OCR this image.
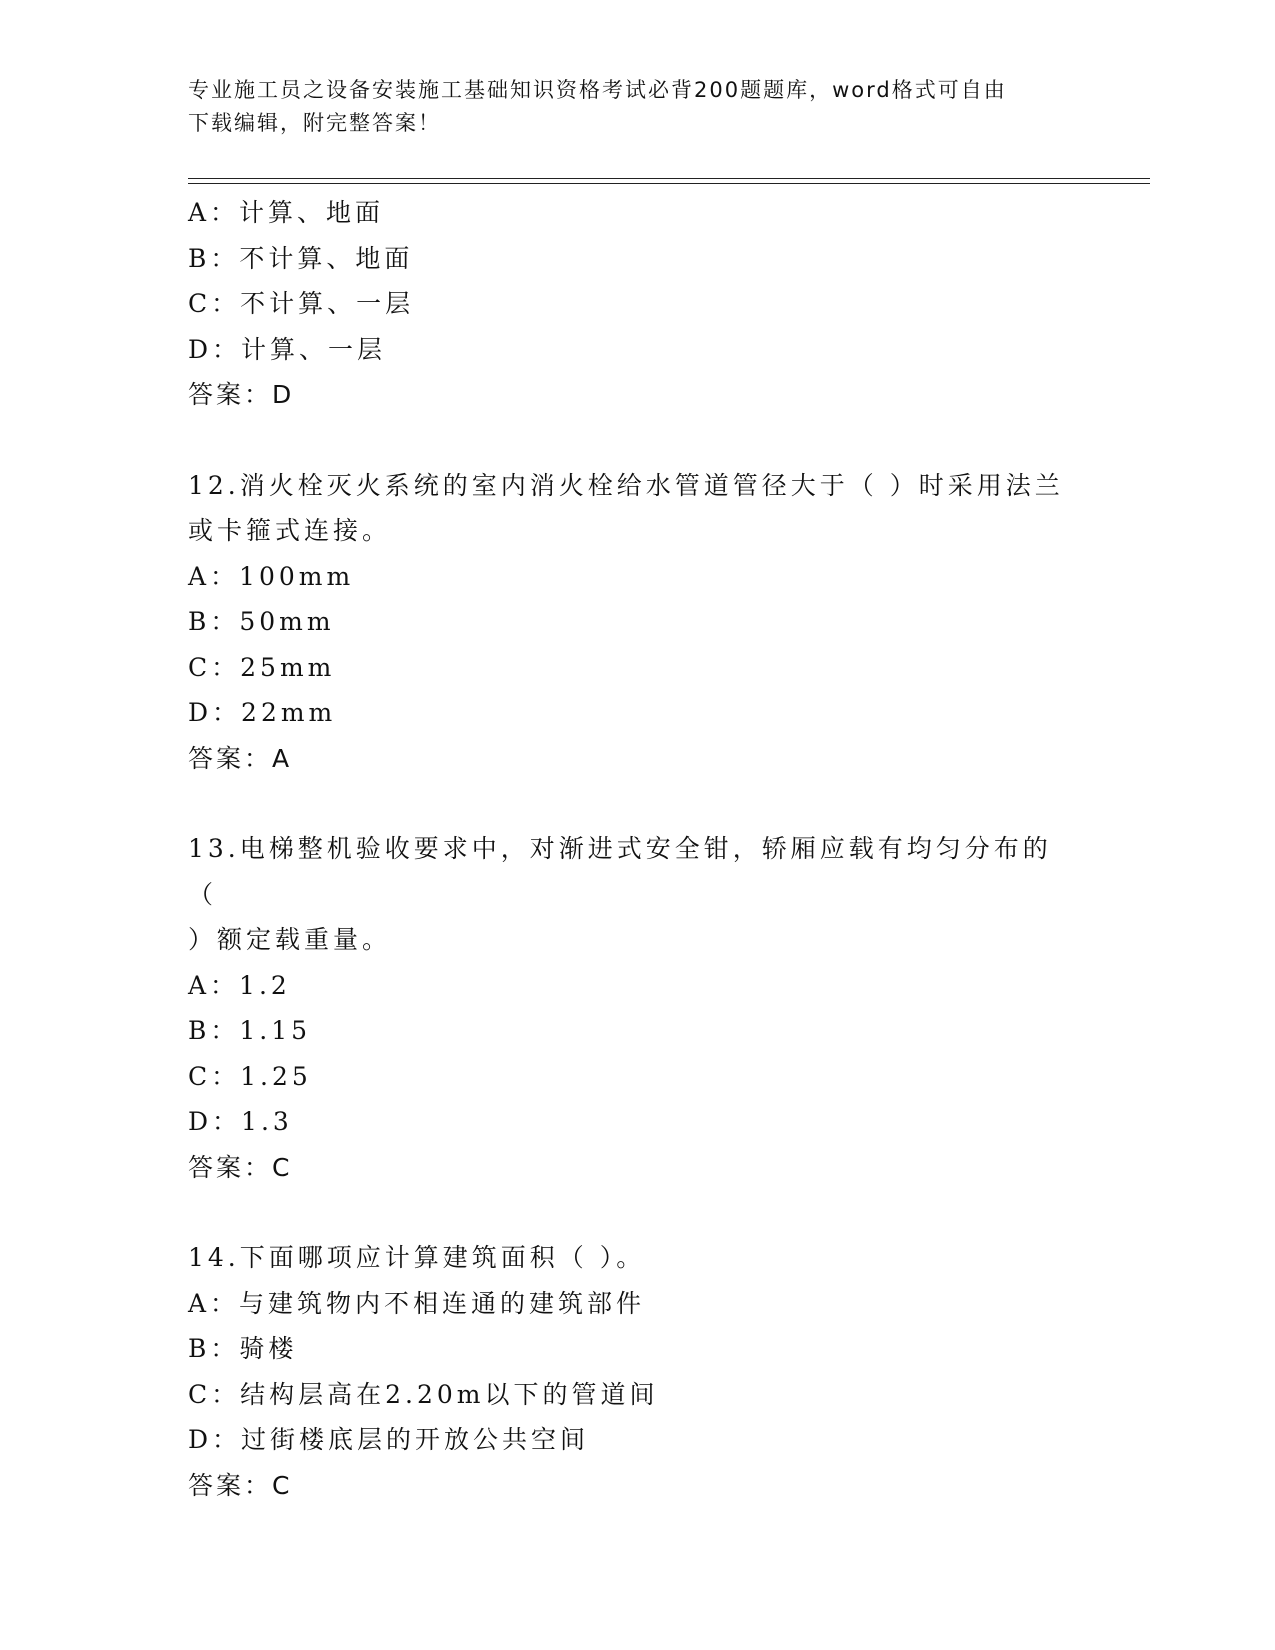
专业施工员之设备安装施工基础知识资格考试必背200题题库，word格式可自由
下载编辑，附完整答案！
A：计算、地面
B：不计算、地面
C：不计算、一层
D：计算、一层
答案：D
12.消火栓灭火系统的室内消火栓给水管道管径大于（ ）时采用法兰
或卡箍式连接。
A：100mm
B：50mm
C：25mm
D：22mm
答案：A
13.电梯整机验收要求中，对渐进式安全钳，轿厢应载有均匀分布的（
）额定载重量。
A：1.2
B：1.15
C：1.25
D：1.3
答案：C
14.下面哪项应计算建筑面积（ ）。
A：与建筑物内不相连通的建筑部件
B：骑楼
C：结构层高在2.20m以下的管道间
D：过街楼底层的开放公共空间
答案：C
